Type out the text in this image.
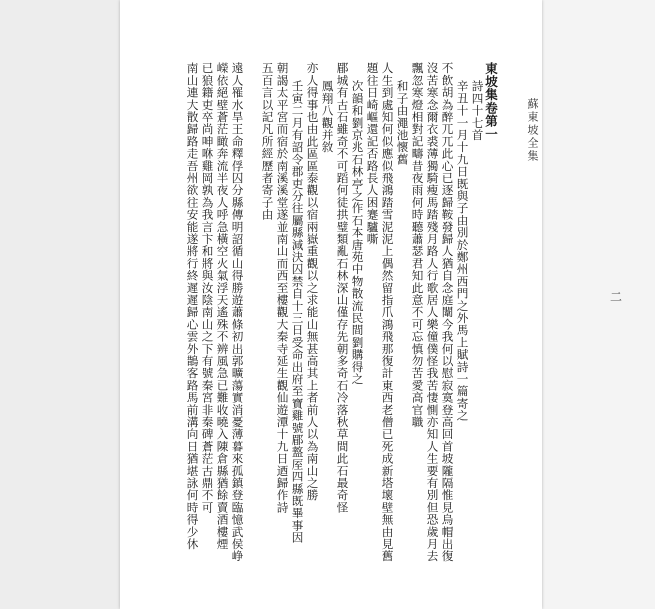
蘇東坡全集
東坡集卷第一
詩四十七首
辛丑十一月十九日既與子由別於鄭州西門之外馬上賦詩一篇寄之
不飲胡為醉兀兀此心已逐歸鞍發歸人猶自念庭闈今我何以慰寂寞登高回首坡隴隔惟見烏帽出復
沒苦寒念爾衣裘薄獨騎瘦馬踏殘月路人行歌居人樂僮僕怪我苦悽惻亦知人生要有別但恐歲月去
飄忽寒燈相對記疇昔夜雨何時聽蕭瑟君知此意不可忘慎勿苦愛高官職
和子由澠池懷舊
人生到處知何似應似飛鴻踏雪泥泥上偶然留指爪鴻飛那復計東西老僧已死成新塔壞壁無由見舊
題往日崎嶇還記否路長人困蹇驢嘶
次韻和劉京兆石林亭之作石本唐苑中物散流民間劉購得之
郿城有古石雖奇不可蹈何徒拱璧類亂石林深山僅存先朝多奇石冷落秋草間此石最奇怪
鳳翔八觀并敘
亦人得事也由此區區泰觀以宿兩嶽重觀以之求能山無甚高其上者前人以為南山之勝
壬寅二月有詔令郡吏分往屬縣減決囚禁自十三日受命出府至寶雞號郿盩厔四縣既畢事因
朝謁太平宮而宿於南溪溪堂遂並南山而西至樓觀大秦寺延生觀仙遊潭十九日迺歸作詩
五百言以記凡所經歷者寄子由
遠人罹水旱王命釋俘囚分縣傳明詔循山得勝遊蕭條初出郭曠蕩實消憂薄暮來孤鎮登臨憶武侯峥
嶸依絕壁蒼茫瞰奔流半夜人呼急橫空火氣浮天遙殊不辨風急已難收曉入陳倉縣猶餘賣酒樓煙
已狼籍吏卒尚呻咻雞岡孰為我言卞和將與汝陰南山之下有號秦宮非秦碑蒼茫古鼎不可
南山連大散歸路走吾州欲往安能遂將行終遲遲歸心雲外鵲客路馬前溝向日猶堪詠何時得少休	二
